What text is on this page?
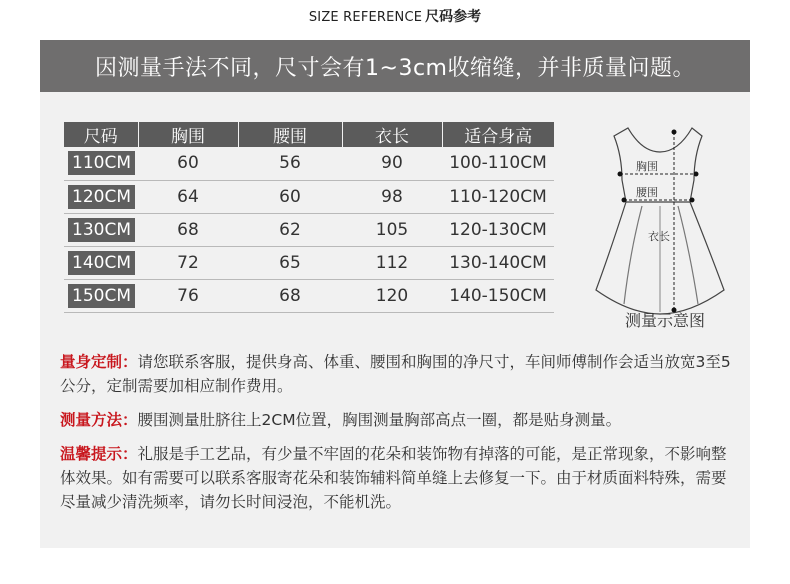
SIZE REFERENCE 尺码参考
因测量手法不同，尺寸会有1~3cm收缩缝，并非质量问题。
尺码	胸围	腰围	衣长	适合身高
110CM	60	56	90	100-110CM
120CM	64	60	98	110-120CM
130CM	68	62	105	120-130CM
140CM	72	65	112	130-140CM
150CM	76	68	120	140-150CM
胸围
腰围
衣长
测量示意图

量身定制：请您联系客服，提供身高、体重、腰围和胸围的净尺寸，车间师傅制作会适当放宽3至5公分，定制需要加相应制作费用。

测量方法：腰围测量肚脐往上2CM位置，胸围测量胸部高点一圈，都是贴身测量。

温馨提示：礼服是手工艺品，有少量不牢固的花朵和装饰物有掉落的可能，是正常现象，不影响整体效果。如有需要可以联系客服寄花朵和装饰辅料简单缝上去修复一下。由于材质面料特殊，需要尽量减少清洗频率，请勿长时间浸泡，不能机洗。
